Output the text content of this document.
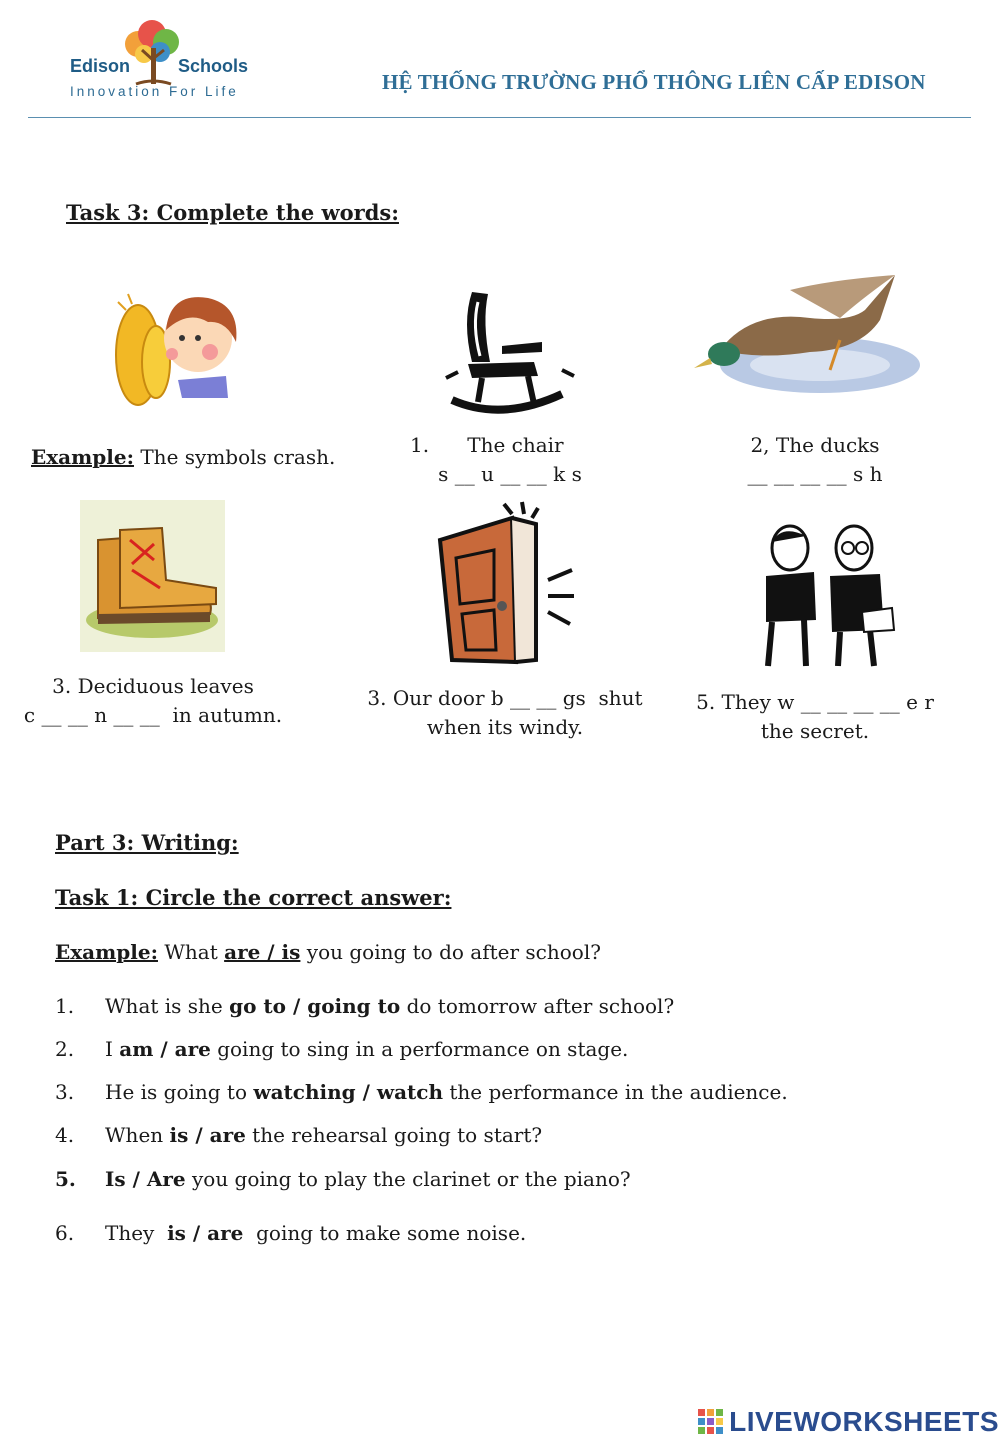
Edison	Schools
Innovation For Life	HỆ THỐNG TRƯỜNG PHỔ THÔNG LIÊN CẤP EDISON
Task 3: Complete the words:
Example: The symbols crash.	1.      The chair
s __ u __ __ k s
2, The ducks
__ __ __ __ s h
3. Deciduous leaves
c __ __ n __ __  in autumn.
3. Our door b __ __ gs  shut
when its windy.
5. They w __ __ __ __ e r
the secret.
Part 3: Writing:
Task 1: Circle the correct answer:
Example: What are / is you going to do after school?
1. What is she go to / going to do tomorrow after school?
2. I am / are going to sing in a performance on stage.
3. He is going to watching / watch the performance in the audience.
4. When is / are the rehearsal going to start?
5. Is / Are you going to play the clarinet or the piano?
6. They  is / are  going to make some noise.
LIVEWORKSHEETS
